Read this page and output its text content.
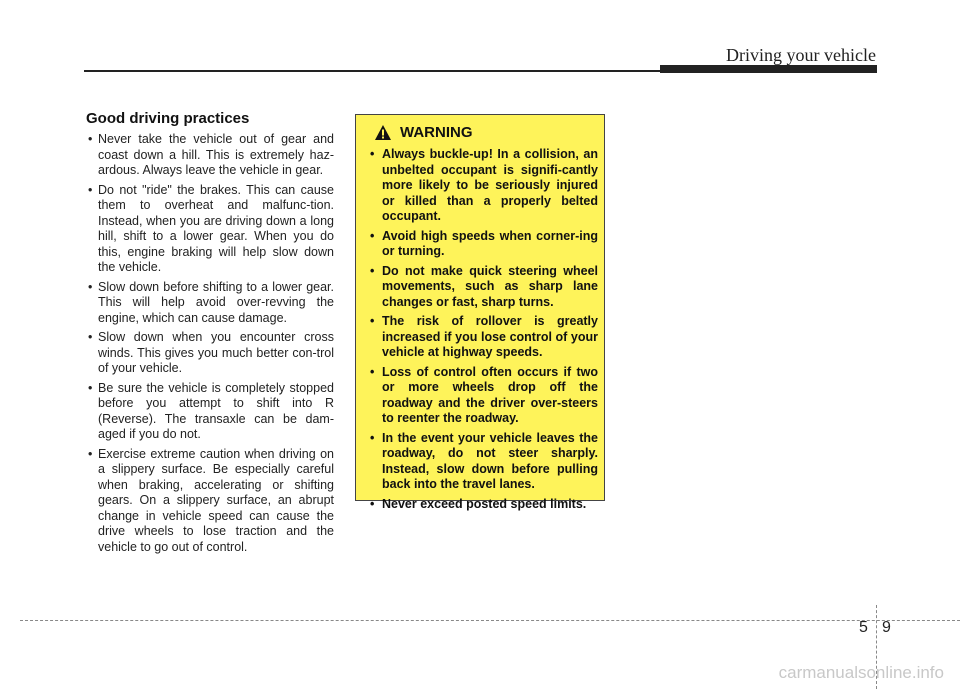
Driving your vehicle
Good driving practices
• Never take the vehicle out of gear and coast down a hill. This is extremely haz-ardous. Always leave the vehicle in gear.
• Do not "ride" the brakes. This can cause them to overheat and malfunc-tion. Instead, when you are driving down a long hill, shift to a lower gear. When you do this, engine braking will help slow down the vehicle.
• Slow down before shifting to a lower gear. This will help avoid over-revving the engine, which can cause damage.
• Slow down when you encounter cross winds. This gives you much better con-trol of your vehicle.
• Be sure the vehicle is completely stopped before you attempt to shift into R (Reverse). The transaxle can be dam-aged if you do not.
• Exercise extreme caution when driving on a slippery surface. Be especially careful when braking, accelerating or shifting gears. On a slippery surface, an abrupt change in vehicle speed can cause the drive wheels to lose traction and the vehicle to go out of control.
WARNING
• Always buckle-up! In a collision, an unbelted occupant is signifi-cantly more likely to be seriously injured or killed than a properly belted occupant.
• Avoid high speeds when corner-ing or turning.
• Do not make quick steering wheel movements, such as sharp lane changes or fast, sharp turns.
• The risk of rollover is greatly increased if you lose control of your vehicle at highway speeds.
• Loss of control often occurs if two or more wheels drop off the roadway and the driver over-steers to reenter the roadway.
• In the event your vehicle leaves the roadway, do not steer sharply. Instead, slow down before pulling back into the travel lanes.
• Never exceed posted speed limits.
5 9
carmanualsonline.info
